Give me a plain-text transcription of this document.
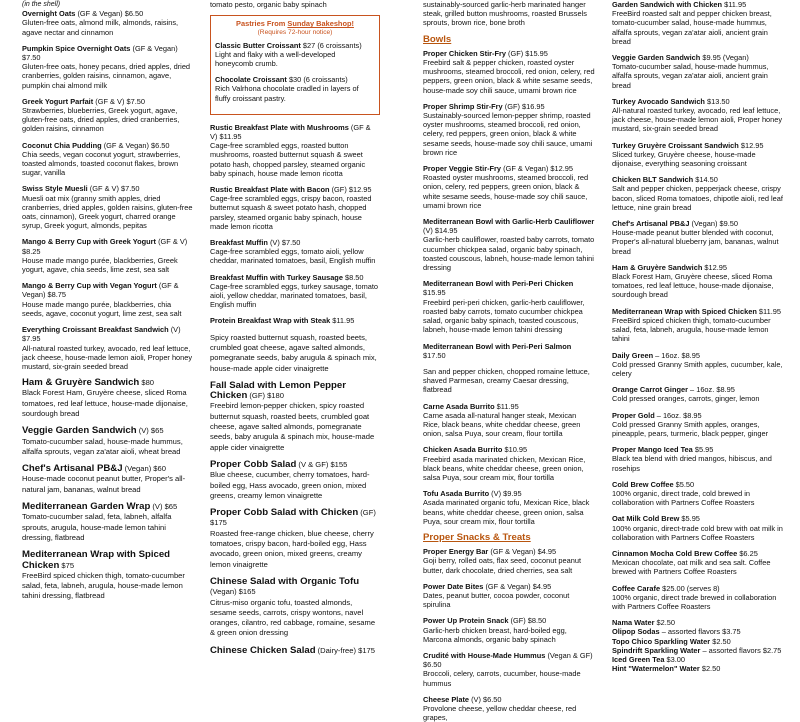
(in the shell)
Overnight Oats (GF & Vegan) $6.50
Gluten-free oats, almond milk, almonds, raisins, agave nectar and cinnamon
Pumpkin Spice Overnight Oats (GF & Vegan) $7.50
Gluten-free oats, honey pecans, dried apples, dried cranberries, golden raisins, cinnamon, agave, pumpkin chai almond milk
Greek Yogurt Parfait (GF & V) $7.50
Strawberries, blueberries, Greek yogurt, agave, gluten-free oats, dried apples, dried cranberries, golden raisins, cinnamon
Coconut Chia Pudding (GF & Vegan) $6.50
Chia seeds, vegan coconut yogurt, strawberries, toasted almonds, toasted coconut flakes, brown sugar, vanilla
Swiss Style Muesli (GF & V) $7.50
Muesli oat mix (granny smith apples, dried cranberries, dried apples, golden raisins, gluten-free oats, cinnamon), Greek yogurt, charred orange syrup, Greek yogurt, almonds, pepitas
Mango & Berry Cup with Greek Yogurt (GF & V) $8.25
House made mango purée, blackberries, Greek yogurt, agave, chia seeds, lime zest, sea salt
Mango & Berry Cup with Vegan Yogurt (GF & Vegan) $8.75
House made mango purée, blackberries, chia seeds, agave, coconut yogurt, lime zest, sea salt
Everything Croissant Breakfast Sandwich (V) $7.95
All-natural roasted turkey, avocado, red leaf lettuce, jack cheese, house-made lemon aioli, Proper honey mustard, six-grain seeded bread
Ham & Gruyère Sandwich $80
Black Forest Ham, Gruyère cheese, sliced Roma tomatoes, red leaf lettuce, house-made dijonaise, sourdough bread
Veggie Garden Sandwich (V) $65
Tomato-cucumber salad, house-made hummus, alfalfa sprouts, vegan za'atar aioli, wheat bread
Chef's Artisanal PB&J (Vegan) $60
House-made coconut peanut butter, Proper's all-natural jam, bananas, walnut bread
Mediterranean Garden Wrap (V) $65
Tomato-cucumber salad, feta, labneh, alfalfa sprouts, arugula, house-made lemon tahini dressing, flatbread
Mediterranean Wrap with Spiced Chicken $75
FreeBird spiced chicken thigh, tomato-cucumber salad, feta, labneh, arugula, house-made lemon tahini dressing, flatbread
tomato pesto, organic baby spinach
Pastries From Sunday Bakeshop!
(Requires 72-hour notice)
Classic Butter Croissant $27 (6 croissants)
Light and flaky with a well-developed honeycomb crumb.
Chocolate Croissant $30 (6 croissants)
Rich Valrhona chocolate cradled in layers of fluffy croissant pastry.
Rustic Breakfast Plate with Mushrooms (GF & V) $11.95
Cage-free scrambled eggs, roasted button mushrooms, roasted butternut squash & sweet potato hash, chopped parsley, steamed organic baby spinach, house made lemon ricotta
Rustic Breakfast Plate with Bacon (GF) $12.95
Cage-free scrambled eggs, crispy bacon, roasted butternut squash & sweet potato hash, chopped parsley, steamed organic baby spinach, house made lemon ricotta
Breakfast Muffin (V) $7.50
Cage-free scrambled eggs, tomato aioli, yellow cheddar, marinated tomatoes, basil, English muffin
Breakfast Muffin with Turkey Sausage $8.50
Cage-free scrambled eggs, turkey sausage, tomato aioli, yellow cheddar, marinated tomatoes, basil, English muffin
Protein Breakfast Wrap with Steak $11.95
Spicy roasted butternut squash, roasted beets, crumbled goat cheese, agave salted almonds, pomegranate seeds, baby arugula & spinach mix, house-made apple cider vinaigrette
Fall Salad with Lemon Pepper Chicken (GF) $180
Freebird lemon-pepper chicken, spicy roasted butternut squash, roasted beets, crumbled goat cheese, agave salted almonds, pomegranate seeds, baby arugula & spinach mix, house-made apple cider vinaigrette
Proper Cobb Salad (V & GF) $155
Blue cheese, cucumber, cherry tomatoes, hard-boiled egg, Hass avocado, green onion, mixed greens, creamy lemon vinaigrette
Proper Cobb Salad with Chicken (GF) $175
Roasted free-range chicken, blue cheese, cherry tomatoes, crispy bacon, hard-boiled egg, Hass avocado, green onion, mixed greens, creamy lemon vinaigrette
Chinese Salad with Organic Tofu (Vegan) $165
Citrus-miso organic tofu, toasted almonds, sesame seeds, carrots, crispy wontons, navel oranges, cilantro, red cabbage, romaine, sesame & green onion dressing
Chinese Chicken Salad (Dairy-free) $175
sustainably-sourced garlic-herb marinated hanger steak, grilled button mushrooms, roasted Brussels sprouts, brown rice, bone broth
Bowls
Proper Chicken Stir-Fry (GF) $15.95
Freebird salt & pepper chicken, roasted oyster mushrooms, steamed broccoli, red onion, celery, red peppers, green onion, black & white sesame seeds, house-made soy chili sauce, umami brown rice
Proper Shrimp Stir-Fry (GF) $16.95
Sustainably-sourced lemon-pepper shrimp, roasted oyster mushrooms, steamed broccoli, red onion, celery, red peppers, green onion, black & white sesame seeds, house-made soy chili sauce, umami brown rice
Proper Veggie Stir-Fry (GF & Vegan) $12.95
Roasted oyster mushrooms, steamed broccoli, red onion, celery, red peppers, green onion, black & white sesame seeds, house-made soy chili sauce, umami brown rice
Mediterranean Bowl with Garlic-Herb Cauliflower (V) $14.95
Garlic-herb cauliflower, roasted baby carrots, tomato cucumber chickpea salad, organic baby spinach, toasted couscous, labneh, house-made lemon tahini dressing
Mediterranean Bowl with Peri-Peri Chicken $15.95
Freebird peri-peri chicken, garlic-herb cauliflower, roasted baby carrots, tomato cucumber chickpea salad, organic baby spinach, toasted couscous, labneh, house-made lemon tahini dressing
Mediterranean Bowl with Peri-Peri Salmon $17.50
San and pepper chicken, chopped romaine lettuce, shaved Parmesan, creamy Caesar dressing, flatbread
Carne Asada Burrito $11.95
Carne asada all-natural hanger steak, Mexican Rice, black beans, white cheddar cheese, green onion, salsa Puya, sour cream, flour tortilla
Chicken Asada Burrito $10.95
Freebird asada marinated chicken, Mexican Rice, black beans, white cheddar cheese, green onion, salsa Puya, sour cream mix, flour tortilla
Tofu Asada Burrito (V) $9.95
Asada marinated organic tofu, Mexican Rice, black beans, white cheddar cheese, green onion, salsa Puya, sour cream mix, flour tortilla
Proper Snacks & Treats
Proper Energy Bar (GF & Vegan) $4.95
Goji berry, rolled oats, flax seed, coconut peanut butter, dark chocolate, dried cherries, sea salt
Power Date Bites (GF & Vegan) $4.95
Dates, peanut butter, cocoa powder, coconut spirulina
Power Up Protein Snack (GF) $8.50
Garlic-herb chicken breast, hard-boiled egg, Marcona almonds, organic baby spinach
Crudité with House-Made Hummus (Vegan & GF) $6.50
Broccoli, celery, carrots, cucumber, house-made hummus
Cheese Plate (V) $6.50
Provolone cheese, yellow cheddar cheese, red grapes,
Garden Sandwich with Chicken $11.95
FreeBird roasted salt and pepper chicken breast, tomato-cucumber salad, house-made hummus, alfalfa sprouts, vegan za'atar aioli, ancient grain bread
Veggie Garden Sandwich $9.95 (Vegan)
Tomato-cucumber salad, house-made hummus, alfalfa sprouts, vegan za'atar aioli, ancient grain bread
Turkey Avocado Sandwich $13.50
All-natural roasted turkey, avocado, red leaf lettuce, jack cheese, house-made lemon aioli, Proper honey mustard, six-grain seeded bread
Turkey Gruyère Croissant Sandwich $12.95
Sliced turkey, Gruyère cheese, house-made dijonaise, everything seasoning croissant
Chicken BLT Sandwich $14.50
Salt and pepper chicken, pepperjack cheese, crispy bacon, sliced Roma tomatoes, chipotle aioli, red leaf lettuce, nine grain bread
Chef's Artisanal PB&J (Vegan) $9.50
House-made peanut butter blended with coconut, Proper's all-natural blueberry jam, bananas, walnut bread
Ham & Gruyère Sandwich $12.95
Black Forest Ham, Gruyère cheese, sliced Roma tomatoes, red leaf lettuce, house-made dijonaise, sourdough bread
Mediterranean Wrap with Spiced Chicken $11.95
FreeBird spiced chicken thigh, tomato-cucumber salad, feta, labneh, arugula, house-made lemon tahini
Daily Green – 16oz. $8.95
Cold pressed Granny Smith apples, cucumber, kale, celery
Orange Carrot Ginger – 16oz. $8.95
Cold pressed oranges, carrots, ginger, lemon
Proper Gold – 16oz. $8.95
Cold pressed Granny Smith apples, oranges, pineapple, pears, turmeric, black pepper, ginger
Proper Mango Iced Tea $5.95
Black tea blend with dried mangos, hibiscus, and rosehips
Cold Brew Coffee $5.50
100% organic, direct trade, cold brewed in collaboration with Partners Coffee Roasters
Oat Milk Cold Brew $5.95
100% organic, direct-trade cold brew with oat milk in collaboration with Partners Coffee Roasters
Cinnamon Mocha Cold Brew Coffee $6.25
Mexican chocolate, oat milk and sea salt. Coffee brewed with Partners Coffee Roasters
Coffee Carafe $25.00 (serves 8)
100% organic, direct trade brewed in collaboration with Partners Coffee Roasters
Nama Water $2.50
Olipop Sodas – assorted flavors $3.75
Topo Chico Sparkling Water $2.50
Spindrift Sparkling Water – assorted flavors $2.75
Iced Green Tea $3.00
Hint "Watermelon" Water $2.50
